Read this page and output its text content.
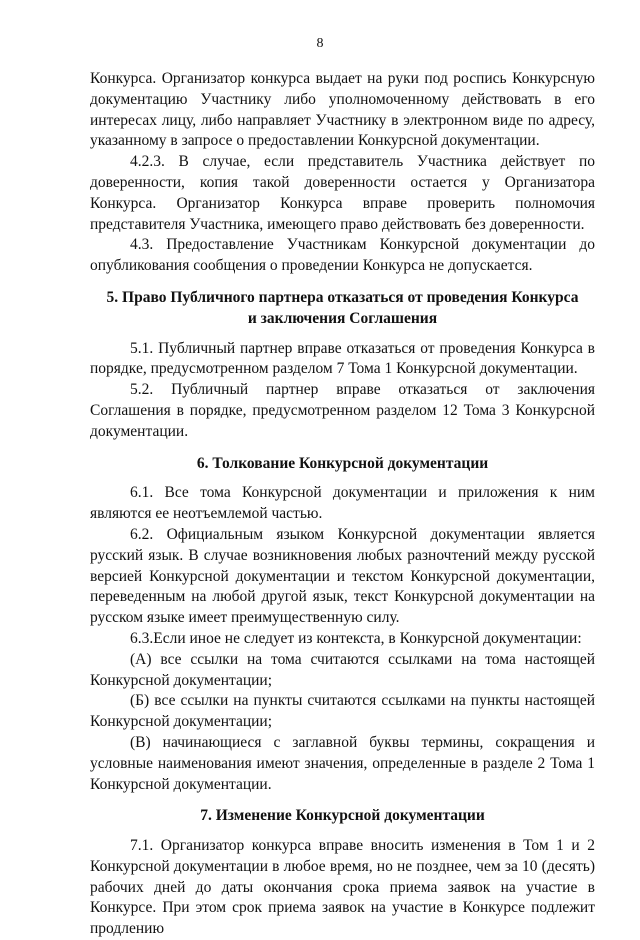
8

Конкурса. Организатор конкурса выдает на руки под роспись Конкурсную документацию Участнику либо уполномоченному действовать в его интересах лицу, либо направляет Участнику в электронном виде по адресу, указанному в запросе о предоставлении Конкурсной документации.

4.2.3. В случае, если представитель Участника действует по доверенности, копия такой доверенности остается у Организатора Конкурса. Организатор Конкурса вправе проверить полномочия представителя Участника, имеющего право действовать без доверенности.

4.3. Предоставление Участникам Конкурсной документации до опубликования сообщения о проведении Конкурса не допускается.

5. Право Публичного партнера отказаться от проведения Конкурса
и заключения Соглашения

5.1. Публичный партнер вправе отказаться от проведения Конкурса в порядке, предусмотренном разделом 7 Тома 1 Конкурсной документации.

5.2. Публичный партнер вправе отказаться от заключения Соглашения в порядке, предусмотренном разделом 12 Тома 3 Конкурсной документации.

6. Толкование Конкурсной документации

6.1. Все тома Конкурсной документации и приложения к ним являются ее неотъемлемой частью.

6.2. Официальным языком Конкурсной документации является русский язык. В случае возникновения любых разночтений между русской версией Конкурсной документации и текстом Конкурсной документации, переведенным на любой другой язык, текст Конкурсной документации на русском языке имеет преимущественную силу.

6.3.Если иное не следует из контекста, в Конкурсной документации:

(А) все ссылки на тома считаются ссылками на тома настоящей Конкурсной документации;

(Б) все ссылки на пункты считаются ссылками на пункты настоящей Конкурсной документации;

(В) начинающиеся с заглавной буквы термины, сокращения и условные наименования имеют значения, определенные в разделе 2 Тома 1 Конкурсной документации.

7. Изменение Конкурсной документации

7.1. Организатор конкурса вправе вносить изменения в Том 1 и 2 Конкурсной документации в любое время, но не позднее, чем за 10 (десять) рабочих дней до даты окончания срока приема заявок на участие в Конкурсе. При этом срок приема заявок на участие в Конкурсе подлежит продлению
